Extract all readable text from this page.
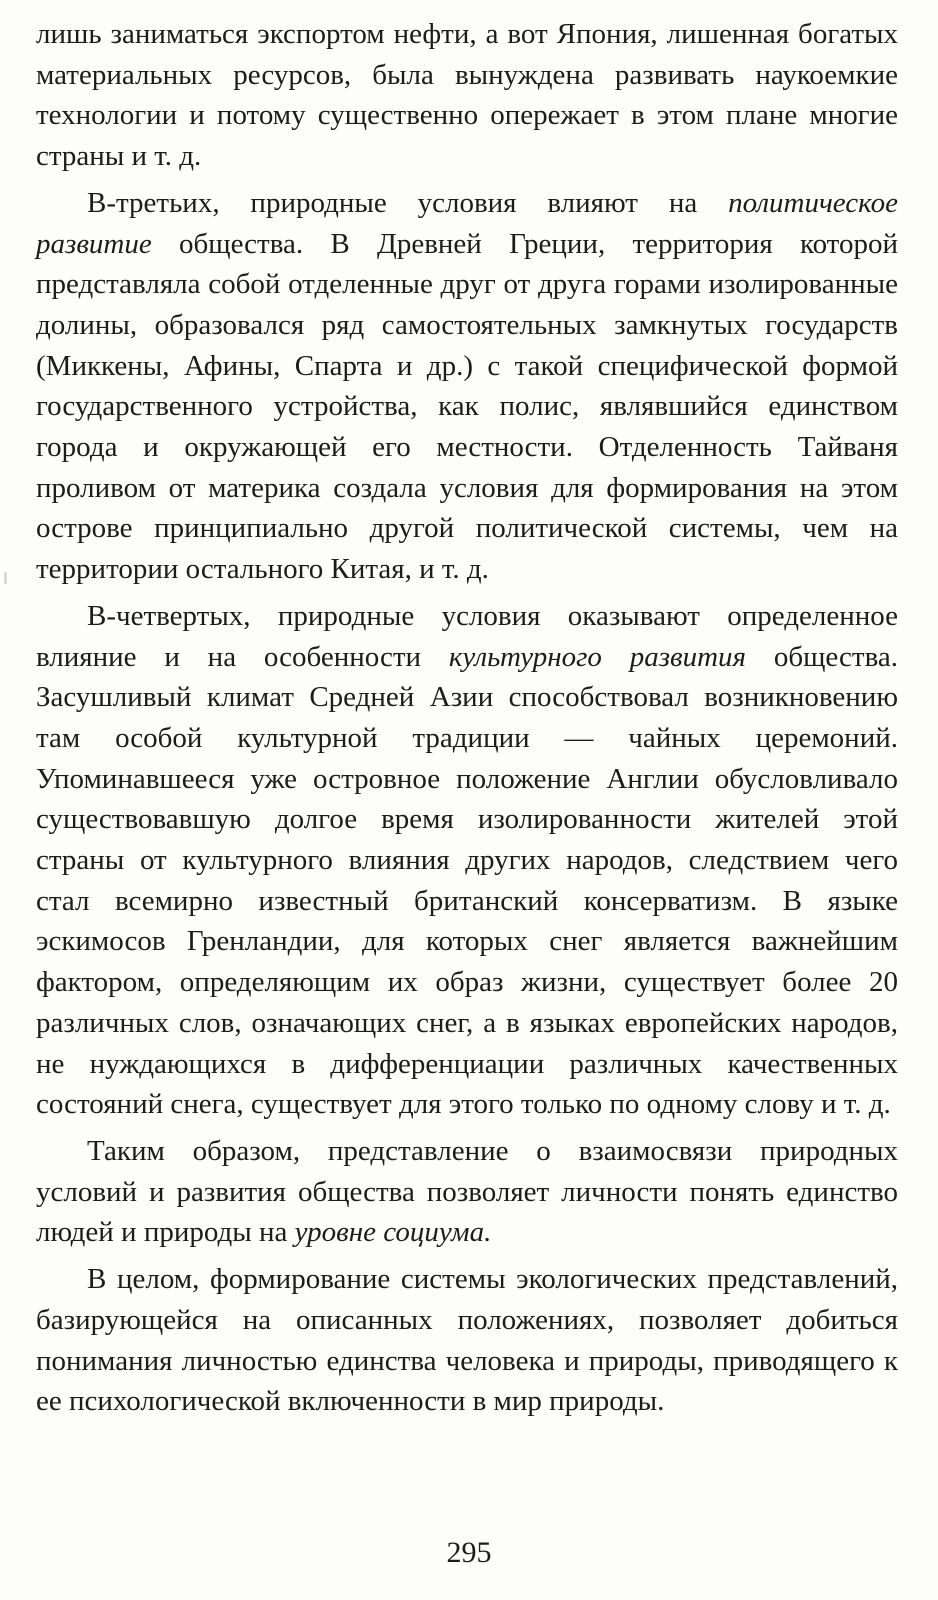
лишь заниматься экспортом нефти, а вот Япония, лишенная богатых материальных ресурсов, была вынуждена развивать наукоемкие технологии и потому существенно опережает в этом плане многие страны и т. д.

В-третьих, природные условия влияют на политическое развитие общества. В Древней Греции, территория которой представляла собой отделенные друг от друга горами изолированные долины, образовался ряд самостоятельных замкнутых государств (Миккены, Афины, Спарта и др.) с такой специфической формой государственного устройства, как полис, являвшийся единством города и окружающей его местности. Отделенность Тайваня проливом от материка создала условия для формирования на этом острове принципиально другой политической системы, чем на территории остального Китая, и т. д.

В-четвертых, природные условия оказывают определенное влияние и на особенности культурного развития общества. Засушливый климат Средней Азии способствовал возникновению там особой культурной традиции — чайных церемоний. Упоминавшееся уже островное положение Англии обусловливало существовавшую долгое время изолированности жителей этой страны от культурного влияния других народов, следствием чего стал всемирно известный британский консерватизм. В языке эскимосов Гренландии, для которых снег является важнейшим фактором, определяющим их образ жизни, существует более 20 различных слов, означающих снег, а в языках европейских народов, не нуждающихся в дифференциации различных качественных состояний снега, существует для этого только по одному слову и т. д.

Таким образом, представление о взаимосвязи природных условий и развития общества позволяет личности понять единство людей и природы на уровне социума.

В целом, формирование системы экологических представлений, базирующейся на описанных положениях, позволяет добиться понимания личностью единства человека и природы, приводящего к ее психологической включенности в мир природы.

295
